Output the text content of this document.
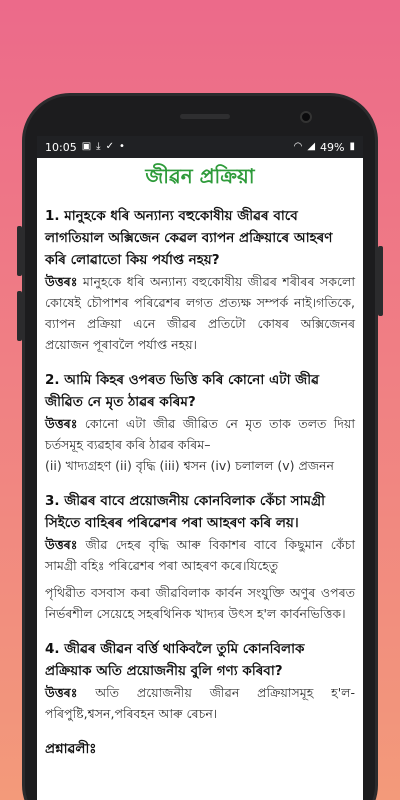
10:05 ▣ ⤓ ✓ •	◠ ◢ 49% ▮
জীৱন প্ৰক্ৰিয়া
1. মানুহকে ধৰি অন্যান্য বহুকোষীয় জীৱৰ বাবে লাগতিয়াল অক্সিজেন কেৱল ব্যাপন প্ৰক্ৰিয়াৰে আহৰণ কৰি লোৱাতো কিয় পৰ্যাপ্ত নহয়?
উত্তৰঃ মানুহকে ধৰি অন্যান্য বহুকোষীয় জীৱৰ শৰীৰৰ সকলো কোষেই চৌপাশৰ পৰিৱেশৰ লগত প্ৰত্যক্ষ সম্পৰ্ক নাই।গতিকে, ব্যাপন প্ৰক্ৰিয়া এনে জীৱৰ প্ৰতিটো কোষৰ অক্সিজেনৰ প্ৰয়োজন পূৰাবলৈ পৰ্যাপ্ত নহয়।
2. আমি কিহৰ ওপৰত ভিত্তি কৰি কোনো এটা জীৱ জীৱিত নে মৃত ঠাৱৰ কৰিম?
উত্তৰঃ কোনো এটা জীৱ জীৱিত নে মৃত তাক তলত দিয়া চৰ্তসমূহ ব্যৱহাৰ কৰি ঠাৱৰ কৰিম–
(ii) খাদ্যগ্ৰহণ (ii) বৃদ্ধি (iii) শ্বসন (iv) চলালল (v) প্ৰজনন
3. জীৱৰ বাবে প্ৰয়োজনীয় কোনবিলাক কেঁচা সামগ্ৰী সিইতে বাহিৰৰ পৰিৱেশৰ পৰা আহৰণ কৰি লয়।
উত্তৰঃ জীৱ দেহৰ বৃদ্ধি আৰু বিকাশৰ বাবে কিছুমান কেঁচা সামগ্ৰী বহিঃ পৰিৱেশৰ পৰা আহৰণ কৰে।যিহেতু
পৃথিৱীত বসবাস কৰা জীৱবিলাক কাৰ্বন সংযুক্তি অণুৰ ওপৰত নিৰ্ভৰশীল সেয়েহে সহৰথিনিক খাদ্যৰ উৎস হ'ল কাৰ্বনভিত্তিক।
4. জীৱৰ জীৱন বৰ্ত্তি থাকিবলৈ তুমি কোনবিলাক প্ৰক্ৰিয়াক অতি প্ৰয়োজনীয় বুলি গণ্য কৰিবা?
উত্তৰঃ অতি প্ৰয়োজনীয় জীৱন প্ৰক্ৰিয়াসমূহ হ'ল- পৰিপুষ্টি,শ্বসন,পৰিবহন আৰু ৰেচন।
প্ৰশ্নাৱলীঃ
